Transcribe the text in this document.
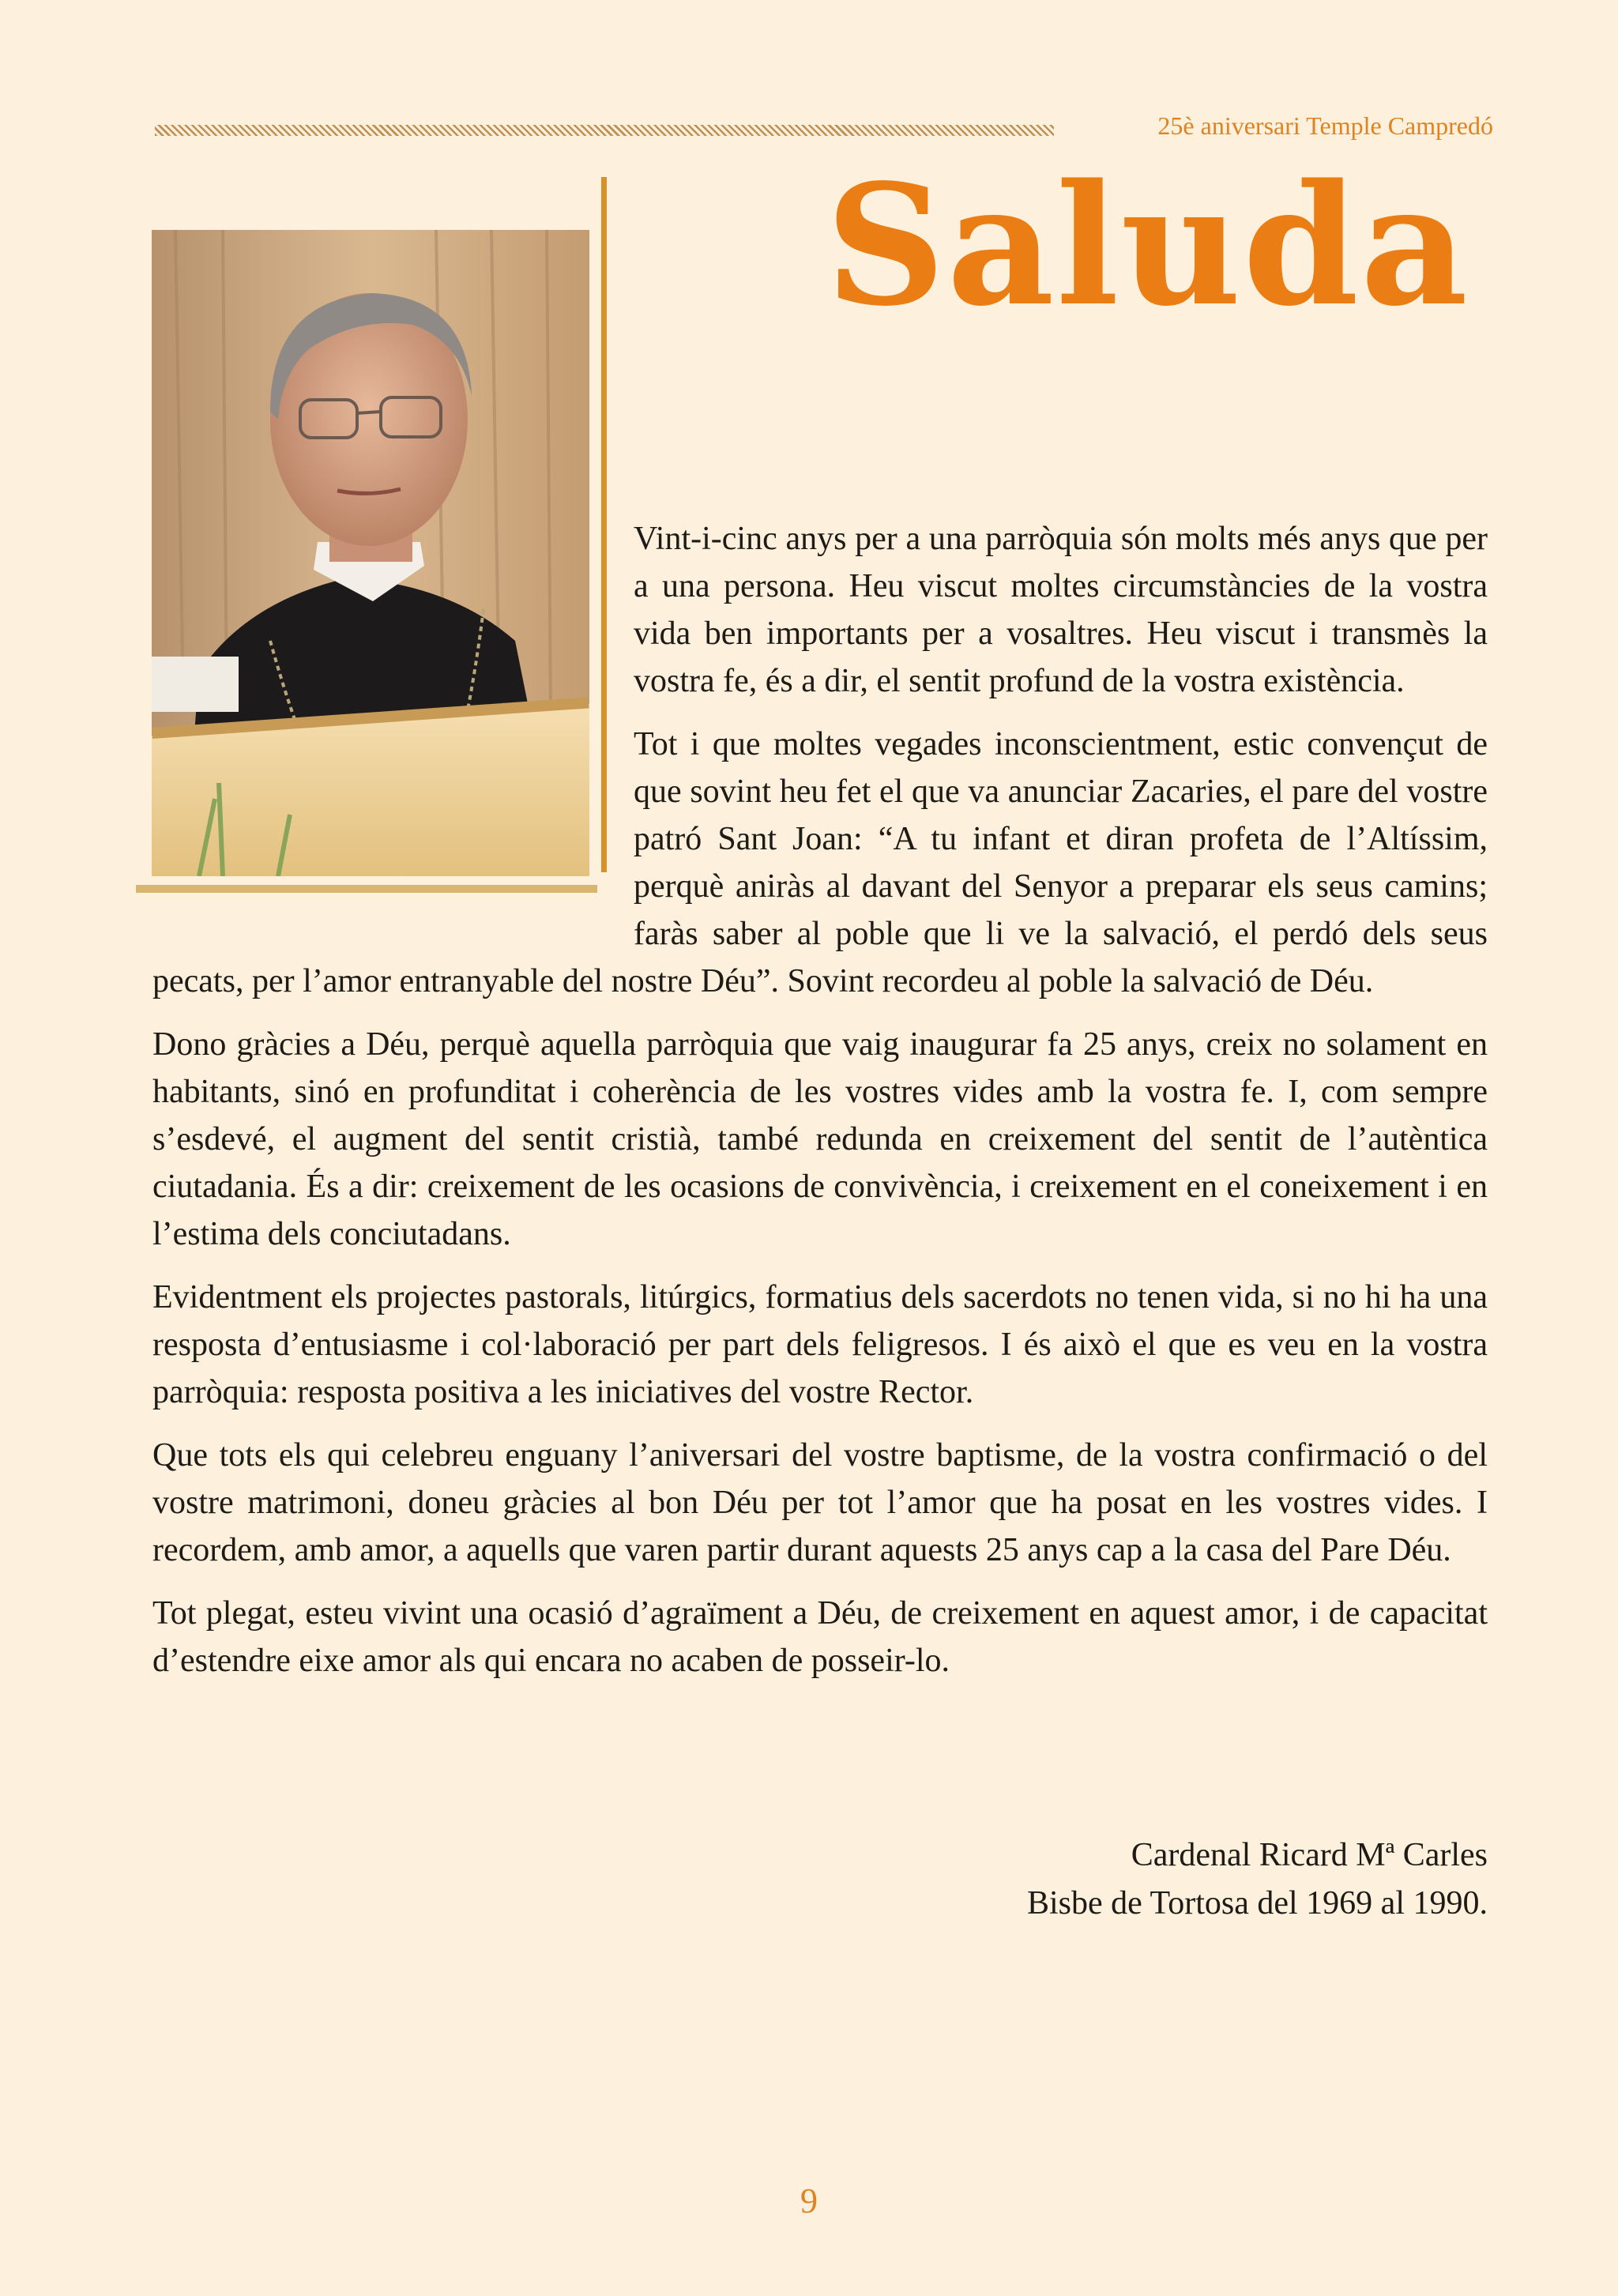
25è aniversari Temple Campredó
Saluda

Vint-i-cinc anys per a una parròquia són molts més anys que per a una persona. Heu viscut moltes circumstàncies de la vostra vida ben importants per a vosaltres. Heu viscut i transmès la vostra fe, és a dir, el sentit profund de la vostra existència.

Tot i que moltes vegades inconscientment, estic convençut de que sovint heu fet el que va anunciar Zacaries, el pare del vostre patró Sant Joan: “A tu infant et diran profeta de l’Altíssim, perquè aniràs al davant del Senyor a preparar els seus camins; faràs saber al poble que li ve la salvació, el perdó dels seus pecats, per l’amor entranyable del nostre Déu”. Sovint recordeu al poble la salvació de Déu.

Dono gràcies a Déu, perquè aquella parròquia que vaig inaugurar fa 25 anys, creix no solament en habitants, sinó en profunditat i coherència de les vostres vides amb la vostra fe. I, com sempre s’esdevé, el augment del sentit cristià, també redunda en creixement del sentit de l’autèntica ciutadania. És a dir: creixement de les ocasions de convivència, i creixement en el coneixement i en l’estima dels conciutadans.

Evidentment els projectes pastorals, litúrgics, formatius dels sacerdots no tenen vida, si no hi ha una resposta d’entusiasme i col·laboració per part dels feligresos. I és això el que es veu en la vostra parròquia: resposta positiva a les iniciatives del vostre Rector.

Que tots els qui celebreu enguany l’aniversari del vostre baptisme, de la vostra confirmació o del vostre matrimoni, doneu gràcies al bon Déu per tot l’amor que ha posat en les vostres vides. I recordem, amb amor, a aquells que varen partir durant aquests 25 anys cap a la casa del Pare Déu.

Tot plegat, esteu vivint una ocasió d’agraïment a Déu, de creixement en aquest amor, i de capacitat d’estendre eixe amor als qui encara no acaben de posseir-lo.

Cardenal Ricard Mª Carles
Bisbe de Tortosa del 1969 al 1990.
9
